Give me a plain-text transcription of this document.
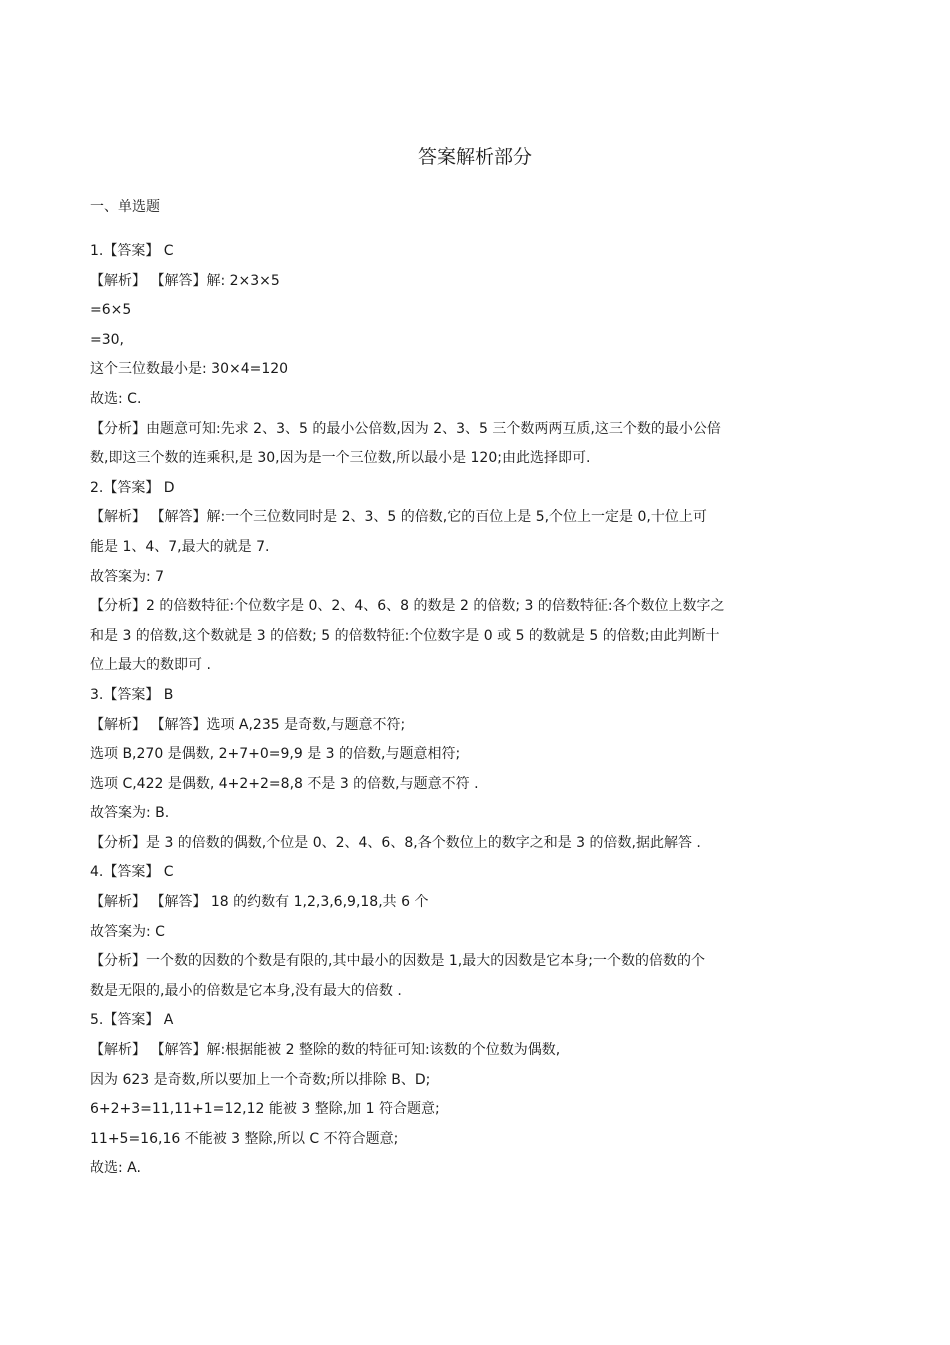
答案解析部分
一、单选题
1.【答案】 C
【解析】 【解答】解: 2×3×5
=6×5
=30,
这个三位数最小是: 30×4=120
故选: C.
【分析】由题意可知:先求 2、3、5 的最小公倍数,因为 2、3、5 三个数两两互质,这三个数的最小公倍
数,即这三个数的连乘积,是 30,因为是一个三位数,所以最小是 120;由此选择即可.
2.【答案】 D
【解析】 【解答】解:一个三位数同时是 2、3、5 的倍数,它的百位上是 5,个位上一定是 0,十位上可
能是 1、4、7,最大的就是 7.
故答案为: 7
【分析】2 的倍数特征:个位数字是 0、2、4、6、8 的数是 2 的倍数; 3 的倍数特征:各个数位上数字之
和是 3 的倍数,这个数就是 3 的倍数; 5 的倍数特征:个位数字是 0 或 5 的数就是 5 的倍数;由此判断十
位上最大的数即可 .
3.【答案】 B
【解析】 【解答】选项 A,235 是奇数,与题意不符;
选项 B,270 是偶数, 2+7+0=9,9 是 3 的倍数,与题意相符;
选项 C,422 是偶数, 4+2+2=8,8 不是 3 的倍数,与题意不符 .
故答案为: B.
【分析】是 3 的倍数的偶数,个位是 0、2、4、6、8,各个数位上的数字之和是 3 的倍数,据此解答 .
4.【答案】 C
【解析】 【解答】 18 的约数有 1,2,3,6,9,18,共 6 个
故答案为: C
【分析】一个数的因数的个数是有限的,其中最小的因数是 1,最大的因数是它本身;一个数的倍数的个
数是无限的,最小的倍数是它本身,没有最大的倍数 .
5.【答案】 A
【解析】 【解答】解:根据能被 2 整除的数的特征可知:该数的个位数为偶数,
因为 623 是奇数,所以要加上一个奇数;所以排除 B、D;
6+2+3=11,11+1=12,12 能被 3 整除,加 1 符合题意;
11+5=16,16 不能被 3 整除,所以 C 不符合题意;
故选: A.
